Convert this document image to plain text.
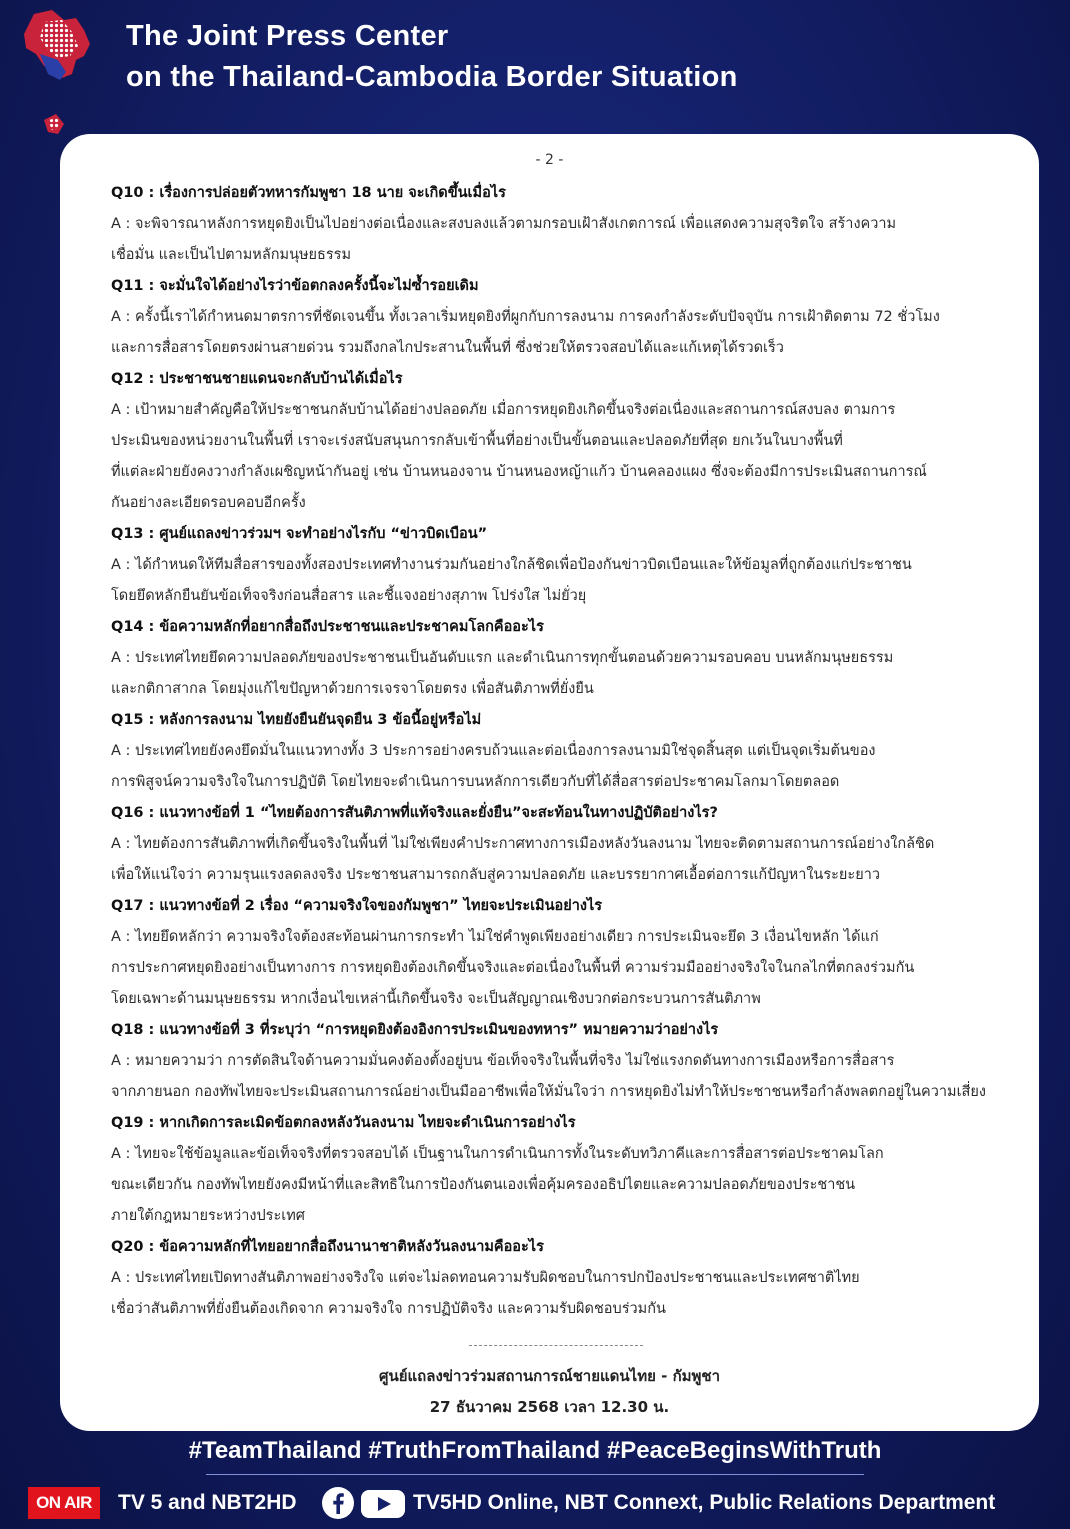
The Joint Press Center
on the Thailand-Cambodia Border Situation
- 2 -
Q10 : เรื่องการปล่อยตัวทหารกัมพูชา 18 นาย จะเกิดขึ้นเมื่อไร
A : จะพิจารณาหลังการหยุดยิงเป็นไปอย่างต่อเนื่องและสงบลงแล้วตามกรอบเฝ้าสังเกตการณ์ เพื่อแสดงความสุจริตใจ สร้างความ
เชื่อมั่น และเป็นไปตามหลักมนุษยธรรม
Q11 : จะมั่นใจได้อย่างไรว่าข้อตกลงครั้งนี้จะไม่ซ้ำรอยเดิม
A : ครั้งนี้เราได้กำหนดมาตรการที่ชัดเจนขึ้น ทั้งเวลาเริ่มหยุดยิงที่ผูกกับการลงนาม การคงกำลังระดับปัจจุบัน การเฝ้าติดตาม 72 ชั่วโมง
และการสื่อสารโดยตรงผ่านสายด่วน รวมถึงกลไกประสานในพื้นที่ ซึ่งช่วยให้ตรวจสอบได้และแก้เหตุได้รวดเร็ว
Q12 : ประชาชนชายแดนจะกลับบ้านได้เมื่อไร
A : เป้าหมายสำคัญคือให้ประชาชนกลับบ้านได้อย่างปลอดภัย เมื่อการหยุดยิงเกิดขึ้นจริงต่อเนื่องและสถานการณ์สงบลง ตามการ
ประเมินของหน่วยงานในพื้นที่ เราจะเร่งสนับสนุนการกลับเข้าพื้นที่อย่างเป็นขั้นตอนและปลอดภัยที่สุด ยกเว้นในบางพื้นที่
ที่แต่ละฝ่ายยังคงวางกำลังเผชิญหน้ากันอยู่ เช่น บ้านหนองจาน บ้านหนองหญ้าแก้ว บ้านคลองแผง ซึ่งจะต้องมีการประเมินสถานการณ์
กันอย่างละเอียดรอบคอบอีกครั้ง
Q13 : ศูนย์แถลงข่าวร่วมฯ จะทำอย่างไรกับ “ข่าวบิดเบือน”
A : ได้กำหนดให้ทีมสื่อสารของทั้งสองประเทศทำงานร่วมกันอย่างใกล้ชิดเพื่อป้องกันข่าวบิดเบือนและให้ข้อมูลที่ถูกต้องแก่ประชาชน
โดยยึดหลักยืนยันข้อเท็จจริงก่อนสื่อสาร และชี้แจงอย่างสุภาพ โปร่งใส ไม่ยั่วยุ
Q14 : ข้อความหลักที่อยากสื่อถึงประชาชนและประชาคมโลกคืออะไร
A : ประเทศไทยยึดความปลอดภัยของประชาชนเป็นอันดับแรก และดำเนินการทุกขั้นตอนด้วยความรอบคอบ บนหลักมนุษยธรรม
และกติกาสากล โดยมุ่งแก้ไขปัญหาด้วยการเจรจาโดยตรง เพื่อสันติภาพที่ยั่งยืน
Q15 : หลังการลงนาม ไทยยังยืนยันจุดยืน 3 ข้อนี้อยู่หรือไม่
A : ประเทศไทยยังคงยึดมั่นในแนวทางทั้ง 3 ประการอย่างครบถ้วนและต่อเนื่องการลงนามมิใช่จุดสิ้นสุด แต่เป็นจุดเริ่มต้นของ
การพิสูจน์ความจริงใจในการปฏิบัติ โดยไทยจะดำเนินการบนหลักการเดียวกับที่ได้สื่อสารต่อประชาคมโลกมาโดยตลอด
Q16 : แนวทางข้อที่ 1 “ไทยต้องการสันติภาพที่แท้จริงและยั่งยืน”จะสะท้อนในทางปฏิบัติอย่างไร?
A : ไทยต้องการสันติภาพที่เกิดขึ้นจริงในพื้นที่ ไม่ใช่เพียงคำประกาศทางการเมืองหลังวันลงนาม ไทยจะติดตามสถานการณ์อย่างใกล้ชิด
เพื่อให้แน่ใจว่า ความรุนแรงลดลงจริง ประชาชนสามารถกลับสู่ความปลอดภัย และบรรยากาศเอื้อต่อการแก้ปัญหาในระยะยาว
Q17 : แนวทางข้อที่ 2 เรื่อง “ความจริงใจของกัมพูชา” ไทยจะประเมินอย่างไร
A : ไทยยึดหลักว่า ความจริงใจต้องสะท้อนผ่านการกระทำ ไม่ใช่คำพูดเพียงอย่างเดียว การประเมินจะยึด 3 เงื่อนไขหลัก ได้แก่
การประกาศหยุดยิงอย่างเป็นทางการ การหยุดยิงต้องเกิดขึ้นจริงและต่อเนื่องในพื้นที่ ความร่วมมืออย่างจริงใจในกลไกที่ตกลงร่วมกัน
โดยเฉพาะด้านมนุษยธรรม หากเงื่อนไขเหล่านี้เกิดขึ้นจริง จะเป็นสัญญาณเชิงบวกต่อกระบวนการสันติภาพ
Q18 : แนวทางข้อที่ 3 ที่ระบุว่า “การหยุดยิงต้องอิงการประเมินของทหาร” หมายความว่าอย่างไร
A : หมายความว่า การตัดสินใจด้านความมั่นคงต้องตั้งอยู่บน ข้อเท็จจริงในพื้นที่จริง ไม่ใช่แรงกดดันทางการเมืองหรือการสื่อสาร
จากภายนอก กองทัพไทยจะประเมินสถานการณ์อย่างเป็นมืออาชีพเพื่อให้มั่นใจว่า การหยุดยิงไม่ทำให้ประชาชนหรือกำลังพลตกอยู่ในความเสี่ยง
Q19 : หากเกิดการละเมิดข้อตกลงหลังวันลงนาม ไทยจะดำเนินการอย่างไร
A : ไทยจะใช้ข้อมูลและข้อเท็จจริงที่ตรวจสอบได้ เป็นฐานในการดำเนินการทั้งในระดับทวิภาคีและการสื่อสารต่อประชาคมโลก
ขณะเดียวกัน กองทัพไทยยังคงมีหน้าที่และสิทธิในการป้องกันตนเองเพื่อคุ้มครองอธิปไตยและความปลอดภัยของประชาชน
ภายใต้กฎหมายระหว่างประเทศ
Q20 : ข้อความหลักที่ไทยอยากสื่อถึงนานาชาติหลังวันลงนามคืออะไร
A : ประเทศไทยเปิดทางสันติภาพอย่างจริงใจ แต่จะไม่ลดทอนความรับผิดชอบในการปกป้องประชาชนและประเทศชาติไทย
เชื่อว่าสันติภาพที่ยั่งยืนต้องเกิดจาก ความจริงใจ การปฏิบัติจริง และความรับผิดชอบร่วมกัน
ศูนย์แถลงข่าวร่วมสถานการณ์ชายแดนไทย - กัมพูชา
27 ธันวาคม 2568 เวลา 12.30 น.
#TeamThailand #TruthFromThailand #PeaceBeginsWithTruth
ON AIR	TV 5 and NBT2HD	TV5HD Online, NBT Connext, Public Relations Department
